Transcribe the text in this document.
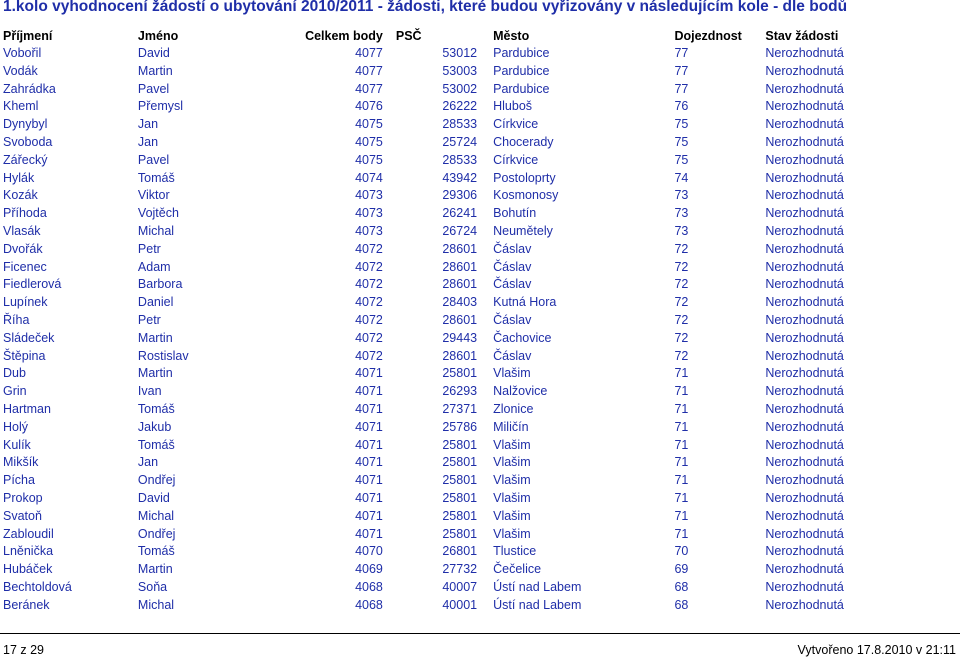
1.kolo vyhodnocení žádostí o ubytování 2010/2011 - žádosti, které budou vyřizovány v následujícím kole - dle bodů
Příjmení	Jméno	Celkem body	PSČ	Město	Dojezdnost	Stav žádosti
Vobořil	David	4077	53012	Pardubice	77	Nerozhodnutá
Vodák	Martin	4077	53003	Pardubice	77	Nerozhodnutá
Zahrádka	Pavel	4077	53002	Pardubice	77	Nerozhodnutá
Kheml	Přemysl	4076	26222	Hluboš	76	Nerozhodnutá
Dynybyl	Jan	4075	28533	Církvice	75	Nerozhodnutá
Svoboda	Jan	4075	25724	Chocerady	75	Nerozhodnutá
Zářecký	Pavel	4075	28533	Církvice	75	Nerozhodnutá
Hylák	Tomáš	4074	43942	Postoloprty	74	Nerozhodnutá
Kozák	Viktor	4073	29306	Kosmonosy	73	Nerozhodnutá
Příhoda	Vojtěch	4073	26241	Bohutín	73	Nerozhodnutá
Vlasák	Michal	4073	26724	Neumětely	73	Nerozhodnutá
Dvořák	Petr	4072	28601	Čáslav	72	Nerozhodnutá
Ficenec	Adam	4072	28601	Čáslav	72	Nerozhodnutá
Fiedlerová	Barbora	4072	28601	Čáslav	72	Nerozhodnutá
Lupínek	Daniel	4072	28403	Kutná Hora	72	Nerozhodnutá
Říha	Petr	4072	28601	Čáslav	72	Nerozhodnutá
Sládeček	Martin	4072	29443	Čachovice	72	Nerozhodnutá
Štěpina	Rostislav	4072	28601	Čáslav	72	Nerozhodnutá
Dub	Martin	4071	25801	Vlašim	71	Nerozhodnutá
Grin	Ivan	4071	26293	Nalžovice	71	Nerozhodnutá
Hartman	Tomáš	4071	27371	Zlonice	71	Nerozhodnutá
Holý	Jakub	4071	25786	Miličín	71	Nerozhodnutá
Kulík	Tomáš	4071	25801	Vlašim	71	Nerozhodnutá
Mikšík	Jan	4071	25801	Vlašim	71	Nerozhodnutá
Pícha	Ondřej	4071	25801	Vlašim	71	Nerozhodnutá
Prokop	David	4071	25801	Vlašim	71	Nerozhodnutá
Svatoň	Michal	4071	25801	Vlašim	71	Nerozhodnutá
Zabloudil	Ondřej	4071	25801	Vlašim	71	Nerozhodnutá
Lněnička	Tomáš	4070	26801	Tlustice	70	Nerozhodnutá
Hubáček	Martin	4069	27732	Čečelice	69	Nerozhodnutá
Bechtoldová	Soňa	4068	40007	Ústí nad Labem	68	Nerozhodnutá
Beránek	Michal	4068	40001	Ústí nad Labem	68	Nerozhodnutá
17 z 29	Vytvořeno 17.8.2010 v 21:11
